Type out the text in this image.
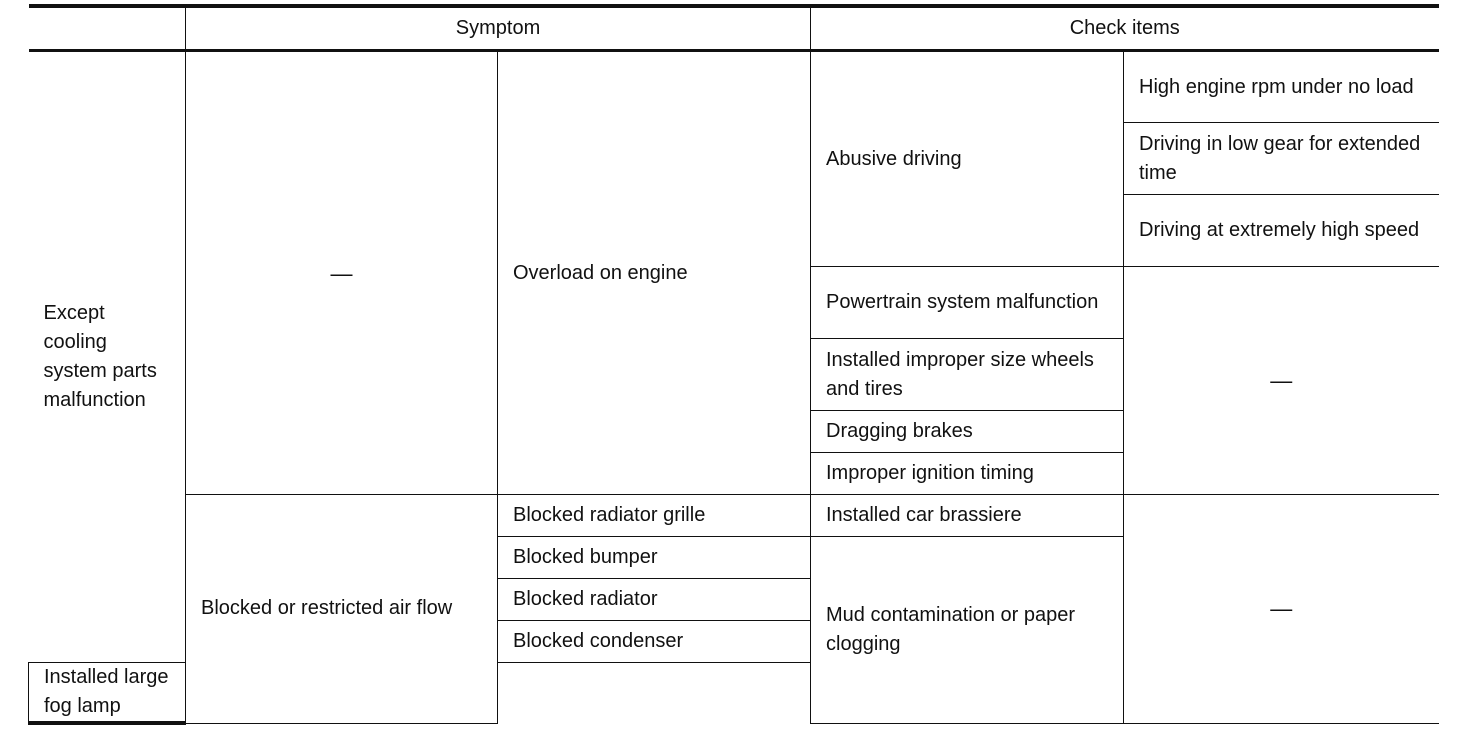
	Symptom		Check items	
Except cooling system parts malfunction	—	Overload on engine	Abusive driving	High engine rpm under no load
				Driving in low gear for extended time
				Driving at extremely high speed
			Powertrain system malfunction	—
			Installed improper size wheels and tires	
			Dragging brakes	
			Improper ignition timing	
	Blocked or restricted air flow	Blocked radiator grille	Installed car brassiere	—
		Blocked bumper	Mud contamination or paper clogging	
		Blocked radiator		
		Blocked condenser		
Installed large fog lamp				
